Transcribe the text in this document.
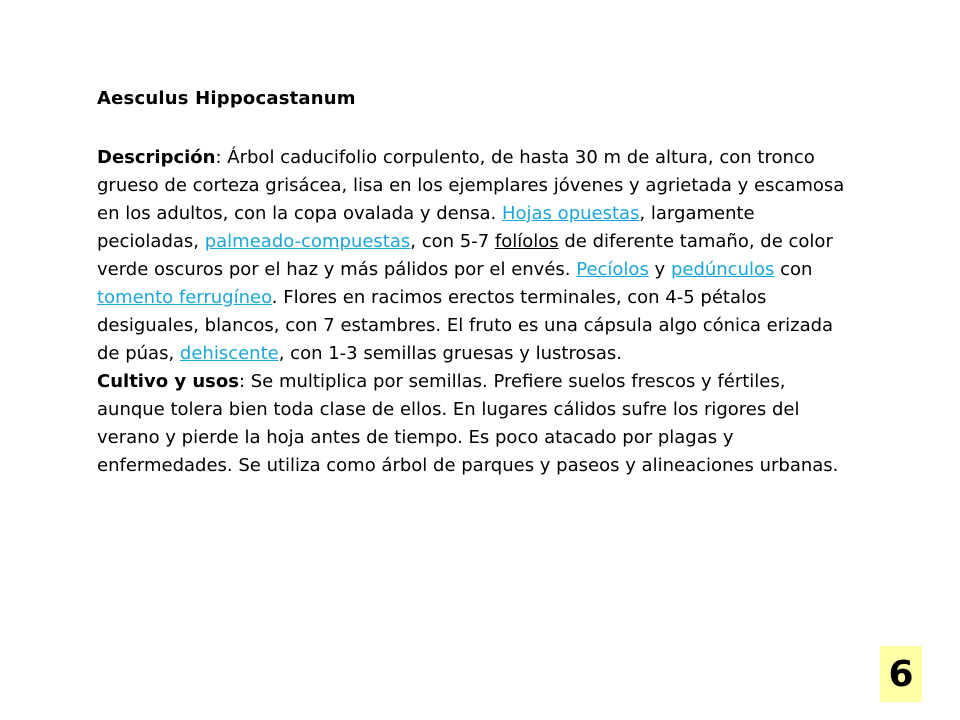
Aesculus Hippocastanum

Descripción: Árbol caducifolio corpulento, de hasta 30 m de altura, con tronco grueso de corteza grisácea, lisa en los ejemplares jóvenes y agrietada y escamosa en los adultos, con la copa ovalada y densa. Hojas opuestas, largamente pecioladas, palmeado-compuestas, con 5-7 folíolos de diferente tamaño, de color verde oscuros por el haz y más pálidos por el envés. Pecíolos y pedúnculos con tomento ferrugíneo. Flores en racimos erectos terminales, con 4-5 pétalos desiguales, blancos, con 7 estambres. El fruto es una cápsula algo cónica erizada de púas, dehiscente, con 1-3 semillas gruesas y lustrosas.

Cultivo y usos: Se multiplica por semillas. Prefiere suelos frescos y fértiles, aunque tolera bien toda clase de ellos. En lugares cálidos sufre los rigores del verano y pierde la hoja antes de tiempo. Es poco atacado por plagas y enfermedades. Se utiliza como árbol de parques y paseos y alineaciones urbanas.

6
